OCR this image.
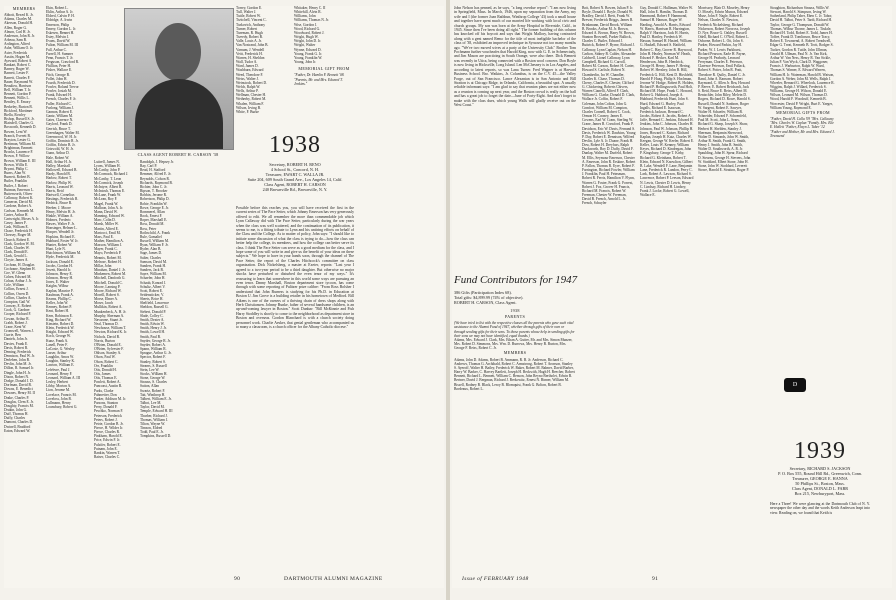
MEMBERS
Abbott, Rexed K. Jr.
Adams, Charles M.
Akerson, Donald H.
Allen, Roger G.
Almon, Carl H. Jr.
Anderson, John R. Jr.
Arbeau, Sam B.
Ardington, Alfred
Ashe, William O. Jr.
Aster, Frederick
Austin, Hogan M.
Ayrward, Robert A.
Bankart, Robert C.
Barney, Roger W.
Barnett, Lester F.
Barrett, Charles F.
Bauer, Raymond W.
Beaulieu, Harrison
Bell, William T. Jr.
Bennett, Gordon P.
Bennett, Willis L.
Bentley, E. Emory
Berkeley, Burton B.
Bickford, Mortimer
Biella, Rowley
Bishop, Russell S. Jr.
Blaisdell, Charles G.
Bosworth, Kenneth D.
Bowen, Lent W.
Branch, Everett B.
Brayton, Lester G.
Breitman, William M.
Brightman, Emmett
Brooks, Laurence F.
Brown, F. Willow
Brown, William E. III
Brown, Willis E.
Bryant, Philip C.
Burns, Alan W.
Burnett, Robert B.
Butler, Franklin
Butler, J. Robert
Butman, Emerson L.
Butterworth, Oliver
Callaway, Robert K.
Cameron, David M.
Cardone, Robert A.
Carlson, Kenneth M.
Carter, Arthur H.
Cartwright, Moses A. Jr.
Casey, James F.
Cash, William E.
Chase, Frederick H.
Chessey, Roger M.
Church, Robert E.
Clark, Gordon W. M.
Clark, Charles W.
Clark, Donald E.
Clark, Gerald L.
Cloyte, James A.
Cochran, H. Douglas
Cochrane, Stephen H.
Coe, W. Glenn
Cohen, Edward M.
Cohan, Arthur J. Jr.
Cole, William
Collins, Ernest J.
Collins, Owen D.
Collins, Charles A.
Compton, Gail W.
Conway, E. Robert
Cook, G. Gardner
Cooper, Richard F.
Cowan, Arthur R.
Crabb, Robert J.
Crane, Kent W.
Cromwell, Warren J.
Currie, Ben
Daniels, John Jr.
Davies, Frank E.
Davis, Robert R.
Deming, Frederick
Dennison, Paul W. Jr.
Derleben, John B.
Devlin, John M. Jr.
Dillon, R. Samuel Jr.
Dingle, John H. Jr.
Dixon, Robert N.
Dodge, Donald J. D.
Dorfman, David B.
Downs, E. Benedict
Downes, Henry M. II
Drake, Charles P.
Douglas, Clem E. Jr.
Doughty, Francis M.
Drukin, John G.
Duff, Thomas H.
Duffy, Charles
Dumont, Charles D.
Dwinell, Bradford
Eaton, Edward W.
Ekin, Robert L.
Eklin, Arthur A. Jr.
Eldred, Calvin P. H.
Eldridge, A. Irwin
Emerson, Philip
Emery, Gordon L. Jr.
Eskesen, Bennet H.
Estey, Melvin J.
Evans, David W.
Falion, William M. III
Fall, Arthur C.
Farrell, H. Sumner
Fenn, Francis T. Jr.
Ferguson, Crawford R.
Fhillion, Peter H.
Fisher, Wallace E.
Fitch, George B.
Follet, John H.
Fourth, Frederick D.
Fowler, Roland Trevor
Fowler, Josiah M.
Frank, Edward H.
French, Charles F. Jr.
Fuller, Richard C.
Furlong, William J.
Gannon, Robert E.
Gantz, William M.
Gates, Clarence N.
Gaylord, Frank D.
Gerrish, Bruce T.
Greenhagen, Walter M.
Greenwood, W. H. Jr.
Griffin, Dominic R. Jr.
Griffin, Edwin B. Jr.
Griswold, W. H. Jr.
Gunn, Arthur D.
Hale, Robert W.
Hall, Arthur H. Jr.
Halley, Marshall
Hallowell, Edward B.
Hardy, Harold B.
Harlow, Robert T.
Harlow, Philip W.
Harris, Leonard W.
Harris, Reid
Hartwell, Cornelius
Hastings, Frederick R.
Hedrick, Bruce R.
Heeber, J. Moore
Henry, Melvin H. Jr.
Hinkle, William A.
Holmes, Frederic
Hawes, Walter F. Jr.
Honsinger, Helmer L.
Hooper, Wendell Jr.
Hopkins, Richard E.
Hubbard, Foster W. Jr.
Hunter, Robert W.
Hunt, Lyle N.
Hutchinson, William M.
Hyde, Frederick M.
Jackson, Donald E.
Jacobs, Gordon H.
Jewett, Harold Jr.
Johnson, Henry E.
Johnson, Henry H.
Jones, E. Walter
Kaighn, Wilbur
Kaplan, Maurice F.
Kaufman, Frank A.
Kearns, Phillip C.
Keller, John W.
Kenney, Robert P.
Kent, Robert H.
Kern, Robinson E.
King, Richard W.
Kinstein, Robert D.
Klein, Frederick W.
Knight, Edward W.
Koch, George W.
Kunz, Frank A.
Lanell, Peter F.
LaCoste, G. Wesley
Lasser, Arthur
Laughlin, Amos W.
Laughin, Stanley K.
Lawton, William E.
Lefebvre, Paul J.
Leonard, Henry F.
Leonard, William A. III
Lesley, Herbert
Libby, Morton A.
Lion, Jerome M.
Lovelace, Francis M.
Loveloss, John B.
Lullmann, Henry
Lounsbury, Robert G.
CLASS AGENT ROBERT H. CARSON '38
Luttrell, James N.
Lyons, William H.
McCarthy, John P.
McCormack, Richard J.
McCarthy, T. Leon
McCormick, Joseph
McIntyre, Albert R.
McIntosh, Thomas E.
McLane, Frank W.
McLean, Roy F.
Magel, Frank W.
Malloon, John A. Jr.
Mann, David W.
Manning, Edward W.
Marc, Colin D.
Marsh, Miller W.
Martin, Alfred E.
Martocci, Emil M.
Mass, Paul E.
Mather, Hamilton A.
Maxson, William J.
Mayer, Frank C.
Mayo, Frederick P.
Meanix, Robert M.
Melrose, Robert H.
Millar, John
Minahan, Daniel J. Jr.
Minkemen, Robert M.
Mitchell, Danforth G.
Mitchell, Donald C.
Moore, Lansing P.
Moore, Richard W.
Morrill, Robert S.
Morse, Elmer A.
Moser, Jacob
Mullikin, Robert A.
Munkenbeck, A. H. Jr.
Murphy, Sherman A.
Navarone, Stuart Jr.
Neal, Thomas D.
Newhouse, William T.
Newton, Richard K. Jr.
Nichols, David B.
Norris, Burton
O'Brien, Donald E.
O'Brien, Sylvester F.
Ohlson, Stanley A.
Olson, Paul W.
Olson, Robert C.
Orr, Franklin
Otis, Donald H.
Otis, James
Otis, Thomas E.
Pawlett, Robert A.
Pancoast, Austin R.
Parks, Clarke
Pahnreiter, Don
Parker, Addison M. Jr.
Parsons, Stanton
Perry, Donald F.
Peschko, Norman F.
Peterson, Frederick
Peters, Robert J.
Petrie, Gordon B. Jr.
Pierce, H. Wilder Jr.
Pierce, Charles R.
Pinkham, Harold E.
Price, Edwin F. Jr.
Pulsifer, Robert E.
Putnam, John E.
Rankin, Warren T.
Raiser, Charles C.
Randolph, J. Hepsey Jr.
Ray, Carl P.
Read, H. Stafford
Remmer, Alfred E. Jr.
Reynolds, Colson R.
Richards, Raymond B.
Richter, John C. Jr.
Ripson, T. Brooker
Robbin, Jerome R.
Robertson, Philip D.
Robie, Franklin W.
Rowe, George E. Jr.
Rommerel, Allan
Rook, Ernest F.
Roper, Marshall E.
Ross, Donald M.
Ross, Peter
Rothschild, A. Frank
Rule, Gamaliel
Russell, William M.
Ryan, William F. Jr.
Ryder, Alan B.
Sage, James D.
Salter, Charles
Samson, David M.
Sanders, Frank H.
Sanders, Jack B.
Sayre, William M.
Schaefer, John H.
Schaab, Konrad J.
Schultz, Albert V.
Scott, Robert E.
Seidensticker, V.
Sheets, Brice H.
Shelfield, Lawrence
Sheldon, Russell G.
Siebert, Donald P.
Slade, Colley C.
Smith, Dexter A.
Smith, Edwin W.
Smith, Henry J. Jr.
Smith, Lowell H.
Smith, Paul B.
Snyder, George R. Jr.
Snyder, Robert A.
Spann, William R.
Sprague, Arthur G. Jr.
Spector, Robert F.
Stanley, Robert S.
Stearns, S. Russell
Stein, Lee W.
Stocks, William H.
Stone, George W.
Strauss, S. Charles
Sutton, Allan
Swartz, Robert F.
Tait, Winthrop H.
Talbert, William E. Jr.
Talbot, Lee M.
Taylor, David M.
Temple, Edward H. III
Thurber, Richard J.
Thomas, William J.
Tilton, Wayne W.
Timson, Eldred
Todd, Paul E. Jr.
Tompkins, Russell D.
Torrey, Gordon E.
Tull, Walter J.
Tuttle, Robert W.
Twitchell, Vincent C.
Turkovich, Anthony
Turner, Robert
Tureman, R. Hugh
Tweedy, Robert B.
Valle, Louis A. Jr.
Van Nostrand, John B.
Varnum, J. Wendell
Veitt, Frederick H.
Warren, H. Sheldon
Wall, Tudor A.
Ward, James D.
Washburn, Edward
Weed, Theodore F.
Weiss, Walter J.
Weinstock, Robert D.
Welch, Ralph W.
Wells, Arthur P.
Wellman, Chester H.
Wetherby, Robert M.
Whalen, William F.
Wilson, Irving B.
White, F. Burke
Whitaker, Henry C. II
Whitehill, Alvin R.
Williams, John
Williams, Thomas N. Jr.
Wise, Gordon J.
Wood, Richard G.
Woodward, Robert J.
Wright, Hugh W.
Wright, John D. Jr.
Wright, Walter
Wynne, Edward D.
Young, Frank G. Jr.
Young, Franklin W.
Young, John Jr.
MEMORIAL GIFT FROM
"Father, Dr. Hamlin F. Bennett '08. "Parents, Mr. and Mrs. Edward T. Jenkins."
1938
Secretary, ROBERT H. RENO
4 School St., Concord, N. H.
Treasurer, EWART C. WALLA JR.
Suite 204, 609 South Grand Ave., Los Angeles 14, Calif.
Class Agent, ROBERT H. CARSON
240 Brownville Rd., Brownville, N. Y.
Possible before this reaches you, you will have received the first in the current series of The Pace Setter, which Johnny Emerson has very generously offered to edit. We all remember the more than commendable job which Lynn Callaway did with The Pace Setter, particularly during the war years when the class was well scattered, and the continuation of its publication, it seems to me, is a fitting tribute to Lynn and his untiring efforts on behalf of the Class and the College. As to matter of policy, John says: "I should like to initiate some discussion of what the class is trying to do—how the class can better help the college, its members, and how the college can better serve its class. I think The Pace Setter can serve as a good medium for the class, and I hope some of you will write in and give us the benefit of your ideas on these subjects." We hope to have in your hands soon, through the channel of The Pace Setter, the report of the Charles Hitchcock's committee on class organization. Dick Nickelsberg, a master at Exeter, reports: "Last year I agreed to a two-year period to be a third daughter. But otherwise no major shocks have perturbed or disturbed the even tenor of my ways." It's reassuring to learn that somewhere in this world some ways are pursuing an even tenor. Danny Marshall, Boston department store tycoon, has come through with some reporting of Pulitzer prize calibre: "From Ross Bolsher I understand that John Burness is studying for his Ph.D. in Education at Boston U. Jim Grove is a building retailer in his hometown of Medford. Bill Aikens is one of the owners of a thriving chain of dress shops along with Herb Christiansen. Johnny Bunke, father of several handsome children, is an up-and-coming lawyer in Boston." Scott Dunbar: "Bill McKinnie and Fish Harry Stoddley is shortly to come to the neighborhood as department store in Boston and overseas. Gordon Blanchard is with a church society doing personnel work. Charlie Aesker, that genial gentleman who accompanied us to many a classroom, is a church officer for the Albany Catholic diocese."
90	DARTMOUTH ALUMNI MAGAZINE
John Nelson has penned, as he says, "a long overdue report": "I am now living in Springfield, Mass. In March, 1946, upon my separation from the Army, my wife and I (the former Joan Rathbun, Winthrop College '43) took a small house and together have spent much of our married life working with local civic and church groups. My son was born at the Army Hospital in Riverside, Calif., in 1945. Since then I've been doing all right." The former building of this column has knocked off his boycott and says that Wright Mallory, having contracted along with a gent named Remo for the title of most ineligible bachelor of the class of '38, exhibited an improved technique in Syracuse not too many months ago. "We've two moved wives at a party at the University Club." Brother Tom Pochmann further voucheafes that Harold King, now with G. E. in Schenectady, and Jim Mason are practicing in South Orange, were also there. Dick Bennett was recently in Utica, being connected with a Boston wool concern. Don Boyle is now living in Hicksville, Long Island. Len McChesney is in Los Angeles, and according to latest reports, so was Lana Turner. Fred Wagner is at Harvard Business School. Bro. Watkins, Jr. Columbus, is on the C.V. 45—the Valley Forge, out of San Francisco. Lance Alexanian is in San Antonio and Bill Stratton is at Chicago Ridge, in Orlando, California, a beautiful spot. A usually reliable informant says: "I am glad to say that reunion plans are not either now as a reunion is coming up next year, and the Boston crowd is really on the ball and has a great job to forget the date—June of Forty-Eight. And don't forget to make with the class dues, which young Walls will gladly receive out on the West Coast."
Fund Contributors for 1947
386 Gifts (Participation Index 68).
Total gifts: $4,899.99 (74% of objective).
ROBERT H. CARSON, Class Agent.
1938
PARENTS
(We have tried to list with the respective classes all the parents who gave such vital assistance to the Alumni Fund of 1947, whether through gifts of their own or through sending gifts for their sons. To those parents whose help in sending gifts for their sons we may not have identified, equal thanks.)
Adams, Mrs. Edward J. Clark, Mrs. Ethan A. Gutter, Mr. and Mrs. Simon Munzer, Mrs. Robert D. Simmons, Mrs. Wm. D. Burrows, Mrs. Henry B. Burton, Mrs. George F. Reiss, Robert C. Jr.
MEMBERS
Adams, John D. Adams, Robert B. Ammann, R. B. Jr. Anderson, Richard C. Andrews, Thomas G. Archibald, Robert C. Armstrong, Robert T. Aronson, Stanley S. Ayeroff, Walter H. Bailey, Frederick W. Baker, Robert M. Balmer, David Barber, Harry W. Barker, C. Harvey Bartlett, Joseph H. Beckwith, Hugh H. Beecher, Robert Bennett, Richard L. Bennett, William C. Benson, John Reyno Bertholet, Edwin R. Bertner, David J. Bergman, Richard J. Berkowitz, Ernest N. Binner, William M. Bissell, Rodney B. Black, Leroy B. Blomquist, Frank G. Bolton, Robert B. Bordeaux, Robert L.
Bott, Robert N. Bowen, Julian P. Jr. Boyle, Donald J. Boyle, Donald W. Bradley, David J. Brett, Frank W. Brewer, Frederick Briggs, James R. Brinkmann, David Brook, William B. Brooks, Arthur M. Jr. Brown, Edward A. Brown, Harry W. Brown, Stanton Brownell, Parker Bullock, Charles C. Butler, Edward J. Buttrick, Robert F. Byrne, Richard J. Callaway, Lynn Caplan, Nelson H. Carlton, Sidney B. Calder, Alexander Caldwell, Lionel Callaway, Lynn Campbell, Richard G. Carroll, Robert M. Carson, Robert H. Carter, Howard S. Carlisle, Robert N. Chamberlin, Ira W. Chandler, Charles K. Chase, Thomas D. Cherry, Charles E. Chester, Clifford G. Chickering, Roberts Chivers, Warren Cianelli, Alfred F. Clark, William G. Clarke, Donald D. Clark, Wallace Jr. Coffin, Robert F. Coleman, John Colton, John G. Comfort, William M. Compton, Charles Connell, Robert C. Cook, Ormon H. Cooney, James E. Cowens, Earl W. Cram, Sterling W. Crane, James R. Crawford, Frank P. Davidson, Eric W. Davis, Fernand S. Davis, Frederick W. Dawkins, Young P. Day, Robert E. Dennison, Wilfred Devlin, Lyle A. Jr. Doane, Frank H. Dow, Robert H. Dreyfuss, Ralph Duckworth, Roy D. Duffy, David F. Dunlap, Walter M. Durfeld, Robert M. Ellis, Seymour Emerson, Chester A. Emerson, John R. Erskine, Robert P. Fallon, Thomas R. Eyre, Robert F. Farrington, Richard Fowler, William J. Franklin, Paul H. Feinsman, Robert R. Ferris, Hamilton V. Flynn, Warren G. Foster, Frank G. Forrest, Robert J. Fox, Grover H. Francis, Richard M. Francis, Robert W. Freeman, Chester W. Freeman, David B. French, Arnold L. Jr. French, Schuyler
Guy, Donald C. Halliman, Walter W. Hall, John E. Hamlin, Thomas D. Hammond, Robert F. Hammond, Samuel H. Hanson, Roger W. Harding, Arnold A. Harris, Edward W. Harris, Harrison R. Harrington, Ralph V. Harrison, Jack H. Harris, Paul D. Hartley, Frederick W. Hassan, Samuel H. Hasted, William G. Haskell, Edward S. Hatfield, Robert C. Hay, Grover R. Haywood, John H. Healey, Norman W. Heath, Edward F. Hecker, Karl M. Henderson, John B. Hendrick, George H. Henry, James F. Hering, Robert W. Hershey, John B. Hill, Frederick G. Hill, Kent D. Hirshfeld, Harold P. Hoag, Philip S. Hochman, Jerome W. Hodge, Robert B. Holden, Richard P. Hollingsworth, Paul Holt, Richard M. Hope, Frank C. Howard, Robert G. Hubbard, Joseph A. Hubbard, Frederick Hunt, John S. Hurd, Edward G. Hurley, Paul Ingalls, Richard E. Isaacson, Frederick Jackson, Bernard C. Jacobs, Robert A. Jacobs, Robert A. Jaffe, Bernard C. Jenkins, Edward H. Jenkins, John C. Johnson, Charles H. Johnson, Paul W. Johnson, Phillip H. Jones, Howard C. Kaiser, Richard Kaplan, Joseph H. Katz, Charles W. Keegan, George W. Keeler, Robert E. Keller, Louis W. Kenney, William Keyes, Richard D. Kindregan, John P. Kingsbury, George T. Kirby, Richard G. Kleinhans, Robert T. Klein, Edward N. Knowlton, Gilbert B. Lake, Wendell F. Lane, Benjamin Lane, Frederick R. Landon, Perry C. Lark, Robert A. Lawson, Richard S. Lawrence, Robert P. Leeson, Edward N. Lewis, Chester D. Lewis, Henry C. Lindsay, Richard H. Lindsey, Frank J. Locke, Robert G. Lowell, Wallace E.
Morrissey, Blair D. Moseley, Henry O. Mosely, Edwin Munoz, Edward Muse, John F. Nagle, Robert E. Nelson, Charles N. Newton, Frederick Nickelsberg, Richard Nickerson, Robert Norcross, Joseph D. Nye, Bruce G. Oakley, Russell Odell, Richard C. O'Neil, Robert L. Osborne, Robert L. Ott, John S. Parker, Howard Parkin, Jay H. Parker, W. J. Lewis Parkhurst, Richard Pearson, Earle H. Payne, George H. Peabody, Leonard Perryman, Charles E. Peterson, Clarence Peterson, Emil Pollack, Robert S. Potter, John R. Pratt, Theodore R. Quilty, Daniel C. Jr. Rand, John A. Ransom, Robert Raymond, C. Allen Jr. Rea, Howard P. Reeve, E. Robert Reichardt, Jack S. Reid, Bruce E. Reiss, Albert M. Rentschler, John Riley, Melvin D. Rogers, Richard D. Rowe, Harold S. Russell, Donald N. Sanborn, Roger W. Sargent, Robert E. Sawyer, Walter H. Schaefer, William B. Schneider, Edward F. Schoenfeld, Paul M. Scott, John L. Sears, Richard G. Sharp, Joseph S. Shaw, Herbert H. Shelden, Stanley J. Sherman, Benjamin Sherwood, Walter D. Simonds, John W. Smith, Arthur R. Smith, Frank G. Smith, Henry J. Smith, John R. Smith, Walter D. Southworth, A. R. Jr. Spaulding, John H. Spear, Richard D. Stearns, George H. Stevens, John W. Stoddard, Elbert Stone, John H. Stone, John W. Stoddard, Leverett Stowe, Harold E. Stratton, Roger P.
Stoughton, Richardson Strauss, Willis W. Stewart, Harold S. Stimpson, Irving W. Sutherland, Philip Taber, Eben C. Jr. Tabor, David H. Talbot, Peter S. Tardi, Richard H. Taylor, George G. Thompson, Donald W. Thomas, Wilbur Thorne, James L. Tisdale, Richard H. Todd, Robert E. Todd, James H. Toffee, Frank D. Tomlinson, Bruce Tracy, Robert E. Townsend, A. Robert Treadwell, Edgar G. Treat, Kenneth B. Trott, Rodger S. Tucker, Gordon R. Tuttle, John Ullman, Gerald H. Ullman, Paul N. Jr. Van Kirk, Arthur W. Van Ness, Henry R. Van Sickle, Julian F. Van Wyck, Clark D. Waggoner, Francis J. Warburton, Ralph W. Ward, Thomas S. Warner, E. Edward Warren, William H. Jr. Waterman, Harold B. Watson, Gordon A. Weber, John M. Wells, Ralph J. Wheeler, Bernard G. Wheelock, Laurence R. Wiggins, Ralph J. Willard, Frederick S. Williams, George H. Wilson, Donald E. Wilson, Leonard M. Wilson, Thomas D. Wood, Harold F. Woodruff, Kenneth B. Worcester, David P. Wright, Burt E. Yaeger, William Young, Raymond E.
MEMORIAL GIFTS FROM
"Father, David H. Calla '09 "Mrs. Callaway "Mrs. Charles W. Caplan "Family. Mrs. Elie E. Hallett "Father, Elwyn L. Taber '12 "Father and Mother, Mr. and Mrs. Edward J. Townsend
D
1939
Secretary, RICHARD S. JACKSON
P. O. Box 555, Round Hill Rd., Greenwich, Conn.
Treasurer, GEORGE E. HANNA
50 Phillips St., Boston, Mass.
Class Agent, DONALD L. FABR
Box 215, Newburyport, Mass.
Here a Three! We were glancing at the Dartmouth Club of N. Y. newspaper the other day and the words Keith Anderson leapt into view. Reading on, we found that Keith is
Issue of FEBRUARY 1948	91
